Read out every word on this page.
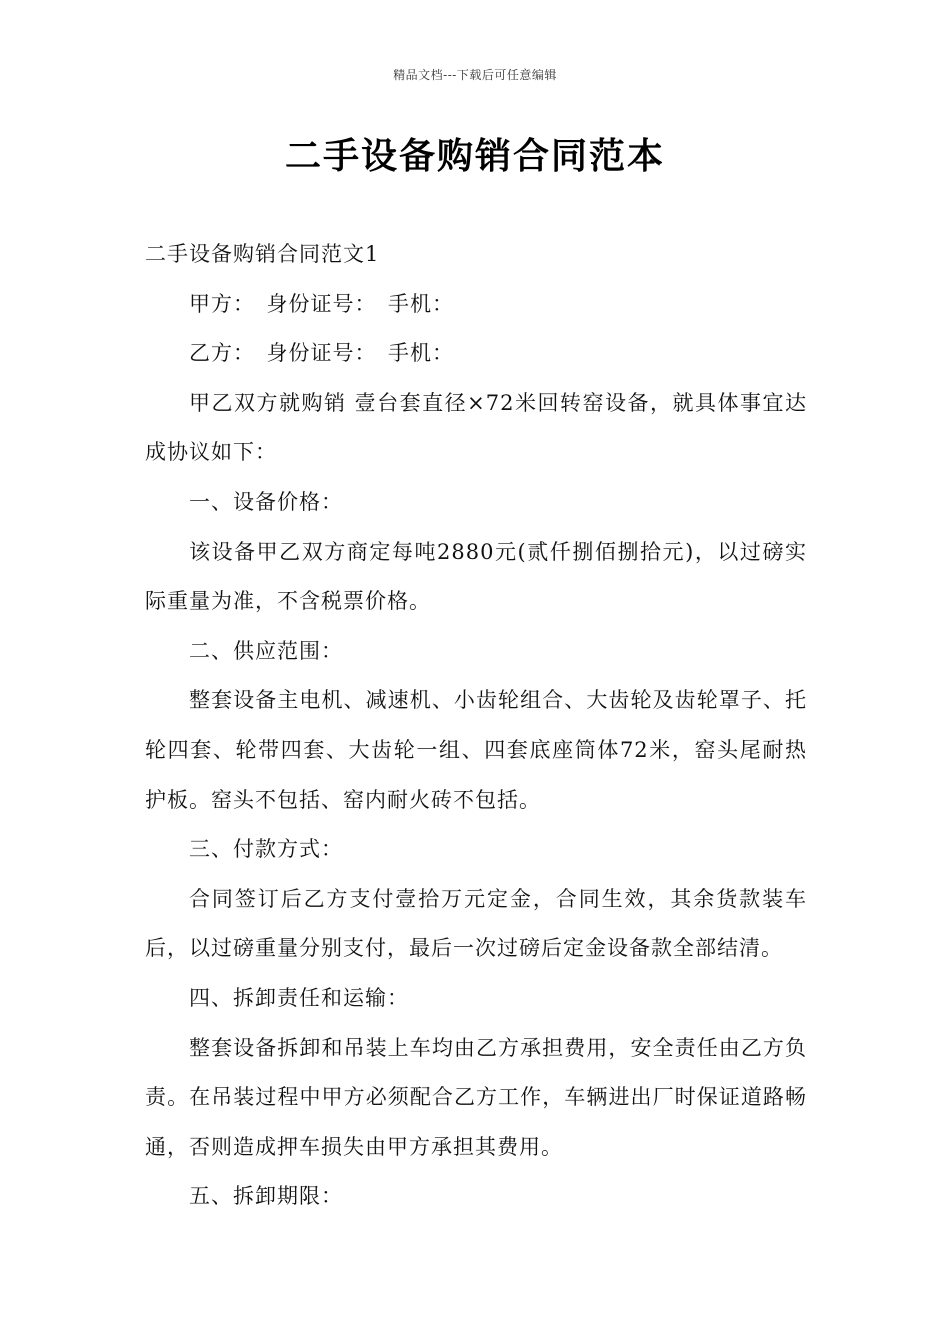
精品文档---下载后可任意编辑
二手设备购销合同范本

二手设备购销合同范文1

甲方：　身份证号：　手机：

乙方：　身份证号：　手机：

甲乙双方就购销 壹台套直径×72米回转窑设备，就具体事宜达成协议如下：

一、设备价格：

该设备甲乙双方商定每吨2880元(贰仟捌佰捌拾元)，以过磅实际重量为准，不含税票价格。

二、供应范围：

整套设备主电机、减速机、小齿轮组合、大齿轮及齿轮罩子、托轮四套、轮带四套、大齿轮一组、四套底座筒体72米，窑头尾耐热护板。窑头不包括、窑内耐火砖不包括。

三、付款方式：

合同签订后乙方支付壹拾万元定金，合同生效，其余货款装车后，以过磅重量分别支付，最后一次过磅后定金设备款全部结清。

四、拆卸责任和运输：

整套设备拆卸和吊装上车均由乙方承担费用，安全责任由乙方负责。在吊装过程中甲方必须配合乙方工作，车辆进出厂时保证道路畅通，否则造成押车损失由甲方承担其费用。

五、拆卸期限：
